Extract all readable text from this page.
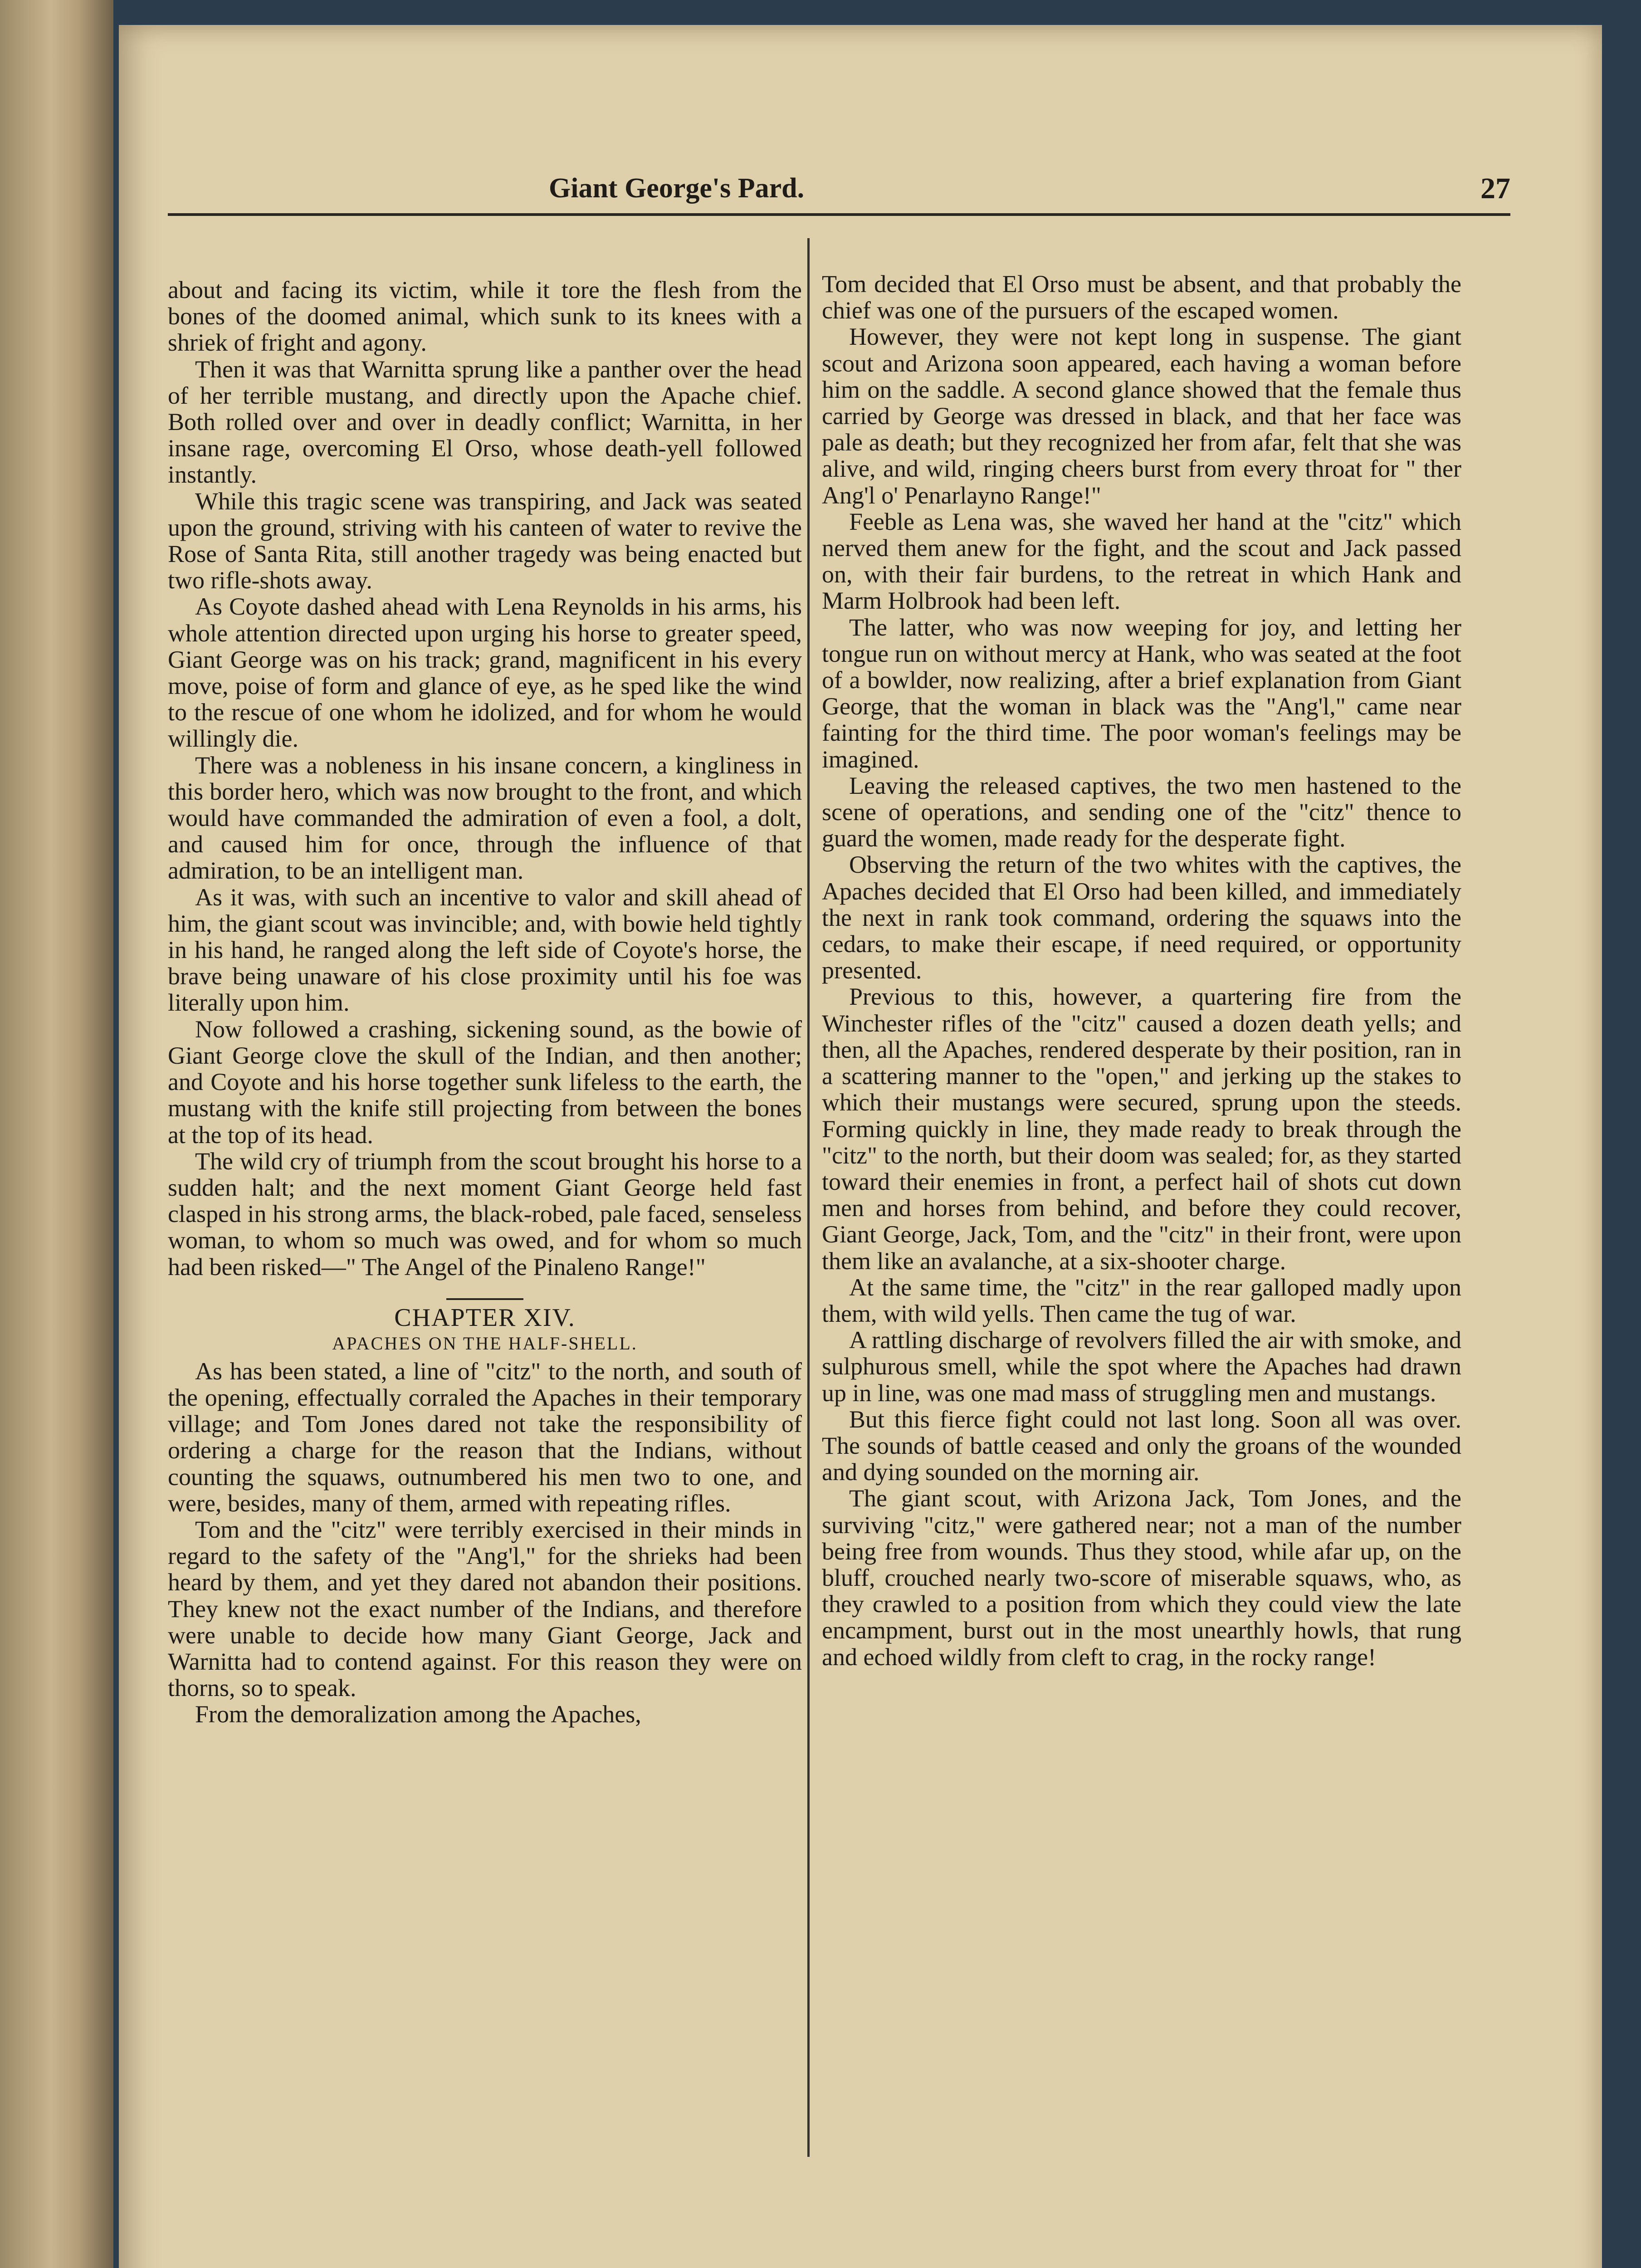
Giant George's Pard.	27

about and facing its victim, while it tore the flesh from the bones of the doomed animal, which sunk to its knees with a shriek of fright and agony.

Then it was that Warnitta sprung like a panther over the head of her terrible mustang, and directly upon the Apache chief. Both rolled over and over in deadly conflict; Warnitta, in her insane rage, overcoming El Orso, whose death-yell followed instantly.

While this tragic scene was transpiring, and Jack was seated upon the ground, striving with his canteen of water to revive the Rose of Santa Rita, still another tragedy was being enacted but two rifle-shots away.

As Coyote dashed ahead with Lena Reynolds in his arms, his whole attention directed upon urging his horse to greater speed, Giant George was on his track; grand, magnificent in his every move, poise of form and glance of eye, as he sped like the wind to the rescue of one whom he idolized, and for whom he would willingly die.

There was a nobleness in his insane concern, a kingliness in this border hero, which was now brought to the front, and which would have commanded the admiration of even a fool, a dolt, and caused him for once, through the influence of that admiration, to be an intelligent man.

As it was, with such an incentive to valor and skill ahead of him, the giant scout was invincible; and, with bowie held tightly in his hand, he ranged along the left side of Coyote's horse, the brave being unaware of his close proximity until his foe was literally upon him.

Now followed a crashing, sickening sound, as the bowie of Giant George clove the skull of the Indian, and then another; and Coyote and his horse together sunk lifeless to the earth, the mustang with the knife still projecting from between the bones at the top of its head.

The wild cry of triumph from the scout brought his horse to a sudden halt; and the next moment Giant George held fast clasped in his strong arms, the black-robed, pale faced, senseless woman, to whom so much was owed, and for whom so much had been risked—" The Angel of the Pinaleno Range!"

CHAPTER XIV.
APACHES ON THE HALF-SHELL.

As has been stated, a line of "citz" to the north, and south of the opening, effectually corraled the Apaches in their temporary village; and Tom Jones dared not take the responsibility of ordering a charge for the reason that the Indians, without counting the squaws, outnumbered his men two to one, and were, besides, many of them, armed with repeating rifles.

Tom and the "citz" were terribly exercised in their minds in regard to the safety of the "Ang'l," for the shrieks had been heard by them, and yet they dared not abandon their positions. They knew not the exact number of the Indians, and therefore were unable to decide how many Giant George, Jack and Warnitta had to contend against. For this reason they were on thorns, so to speak.

From the demoralization among the Apaches,

Tom decided that El Orso must be absent, and that probably the chief was one of the pursuers of the escaped women.

However, they were not kept long in suspense. The giant scout and Arizona soon appeared, each having a woman before him on the saddle. A second glance showed that the female thus carried by George was dressed in black, and that her face was pale as death; but they recognized her from afar, felt that she was alive, and wild, ringing cheers burst from every throat for " ther Ang'l o' Penarlayno Range!"

Feeble as Lena was, she waved her hand at the "citz" which nerved them anew for the fight, and the scout and Jack passed on, with their fair burdens, to the retreat in which Hank and Marm Holbrook had been left.

The latter, who was now weeping for joy, and letting her tongue run on without mercy at Hank, who was seated at the foot of a bowlder, now realizing, after a brief explanation from Giant George, that the woman in black was the "Ang'l," came near fainting for the third time. The poor woman's feelings may be imagined.

Leaving the released captives, the two men hastened to the scene of operations, and sending one of the "citz" thence to guard the women, made ready for the desperate fight.

Observing the return of the two whites with the captives, the Apaches decided that El Orso had been killed, and immediately the next in rank took command, ordering the squaws into the cedars, to make their escape, if need required, or opportunity presented.

Previous to this, however, a quartering fire from the Winchester rifles of the "citz" caused a dozen death yells; and then, all the Apaches, rendered desperate by their position, ran in a scattering manner to the "open," and jerking up the stakes to which their mustangs were secured, sprung upon the steeds. Forming quickly in line, they made ready to break through the "citz" to the north, but their doom was sealed; for, as they started toward their enemies in front, a perfect hail of shots cut down men and horses from behind, and before they could recover, Giant George, Jack, Tom, and the "citz" in their front, were upon them like an avalanche, at a six-shooter charge.

At the same time, the "citz" in the rear galloped madly upon them, with wild yells. Then came the tug of war.

A rattling discharge of revolvers filled the air with smoke, and sulphurous smell, while the spot where the Apaches had drawn up in line, was one mad mass of struggling men and mustangs.

But this fierce fight could not last long. Soon all was over. The sounds of battle ceased and only the groans of the wounded and dying sounded on the morning air.

The giant scout, with Arizona Jack, Tom Jones, and the surviving "citz," were gathered near; not a man of the number being free from wounds. Thus they stood, while afar up, on the bluff, crouched nearly two-score of miserable squaws, who, as they crawled to a position from which they could view the late encampment, burst out in the most unearthly howls, that rung and echoed wildly from cleft to crag, in the rocky range!
